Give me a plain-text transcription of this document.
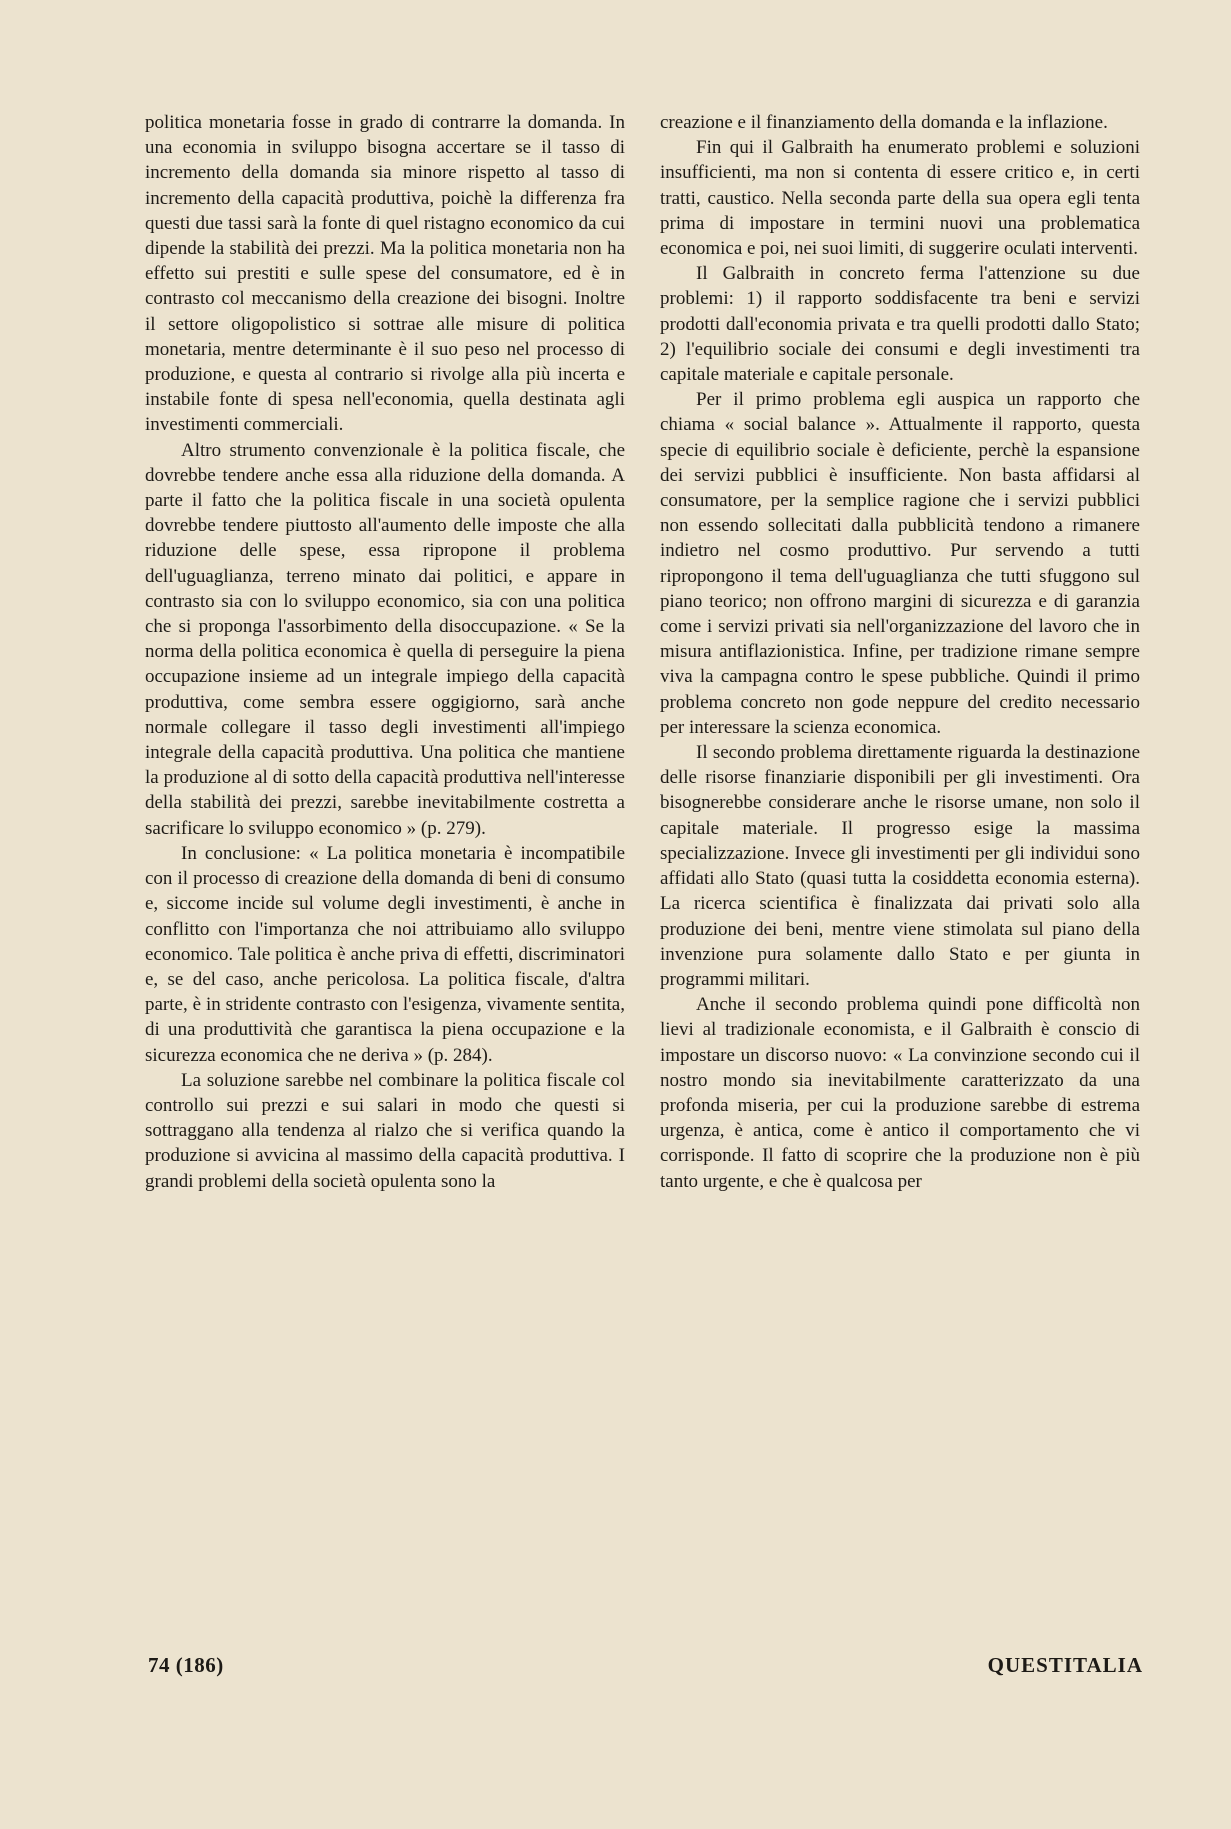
politica monetaria fosse in grado di contrarre la domanda. In una economia in sviluppo bisogna accertare se il tasso di incremento della domanda sia minore rispetto al tasso di incremento della capacità produttiva, poichè la differenza fra questi due tassi sarà la fonte di quel ristagno economico da cui dipende la stabilità dei prezzi. Ma la politica monetaria non ha effetto sui prestiti e sulle spese del consumatore, ed è in contrasto col meccanismo della creazione dei bisogni. Inoltre il settore oligopolistico si sottrae alle misure di politica monetaria, mentre determinante è il suo peso nel processo di produzione, e questa al contrario si rivolge alla più incerta e instabile fonte di spesa nell'economia, quella destinata agli investimenti commerciali.

Altro strumento convenzionale è la politica fiscale, che dovrebbe tendere anche essa alla riduzione della domanda. A parte il fatto che la politica fiscale in una società opulenta dovrebbe tendere piuttosto all'aumento delle imposte che alla riduzione delle spese, essa ripropone il problema dell'uguaglianza, terreno minato dai politici, e appare in contrasto sia con lo sviluppo economico, sia con una politica che si proponga l'assorbimento della disoccupazione. « Se la norma della politica economica è quella di perseguire la piena occupazione insieme ad un integrale impiego della capacità produttiva, come sembra essere oggigiorno, sarà anche normale collegare il tasso degli investimenti all'impiego integrale della capacità produttiva. Una politica che mantiene la produzione al di sotto della capacità produttiva nell'interesse della stabilità dei prezzi, sarebbe inevitabilmente costretta a sacrificare lo sviluppo economico » (p. 279).

In conclusione: « La politica monetaria è incompatibile con il processo di creazione della domanda di beni di consumo e, siccome incide sul volume degli investimenti, è anche in conflitto con l'importanza che noi attribuiamo allo sviluppo economico. Tale politica è anche priva di effetti, discriminatori e, se del caso, anche pericolosa. La politica fiscale, d'altra parte, è in stridente contrasto con l'esigenza, vivamente sentita, di una produttività che garantisca la piena occupazione e la sicurezza economica che ne deriva » (p. 284).

La soluzione sarebbe nel combinare la politica fiscale col controllo sui prezzi e sui salari in modo che questi si sottraggano alla tendenza al rialzo che si verifica quando la produzione si avvicina al massimo della capacità produttiva. I grandi problemi della società opulenta sono la

creazione e il finanziamento della domanda e la inflazione.

Fin qui il Galbraith ha enumerato problemi e soluzioni insufficienti, ma non si contenta di essere critico e, in certi tratti, caustico. Nella seconda parte della sua opera egli tenta prima di impostare in termini nuovi una problematica economica e poi, nei suoi limiti, di suggerire oculati interventi.

Il Galbraith in concreto ferma l'attenzione su due problemi: 1) il rapporto soddisfacente tra beni e servizi prodotti dall'economia privata e tra quelli prodotti dallo Stato; 2) l'equilibrio sociale dei consumi e degli investimenti tra capitale materiale e capitale personale.

Per il primo problema egli auspica un rapporto che chiama « social balance ». Attualmente il rapporto, questa specie di equilibrio sociale è deficiente, perchè la espansione dei servizi pubblici è insufficiente. Non basta affidarsi al consumatore, per la semplice ragione che i servizi pubblici non essendo sollecitati dalla pubblicità tendono a rimanere indietro nel cosmo produttivo. Pur servendo a tutti ripropongono il tema dell'uguaglianza che tutti sfuggono sul piano teorico; non offrono margini di sicurezza e di garanzia come i servizi privati sia nell'organizzazione del lavoro che in misura antiflazionistica. Infine, per tradizione rimane sempre viva la campagna contro le spese pubbliche. Quindi il primo problema concreto non gode neppure del credito necessario per interessare la scienza economica.

Il secondo problema direttamente riguarda la destinazione delle risorse finanziarie disponibili per gli investimenti. Ora bisognerebbe considerare anche le risorse umane, non solo il capitale materiale. Il progresso esige la massima specializzazione. Invece gli investimenti per gli individui sono affidati allo Stato (quasi tutta la cosiddetta economia esterna). La ricerca scientifica è finalizzata dai privati solo alla produzione dei beni, mentre viene stimolata sul piano della invenzione pura solamente dallo Stato e per giunta in programmi militari.

Anche il secondo problema quindi pone difficoltà non lievi al tradizionale economista, e il Galbraith è conscio di impostare un discorso nuovo: « La convinzione secondo cui il nostro mondo sia inevitabilmente caratterizzato da una profonda miseria, per cui la produzione sarebbe di estrema urgenza, è antica, come è antico il comportamento che vi corrisponde. Il fatto di scoprire che la produzione non è più tanto urgente, e che è qualcosa per

74 (186)	QUESTITALIA
